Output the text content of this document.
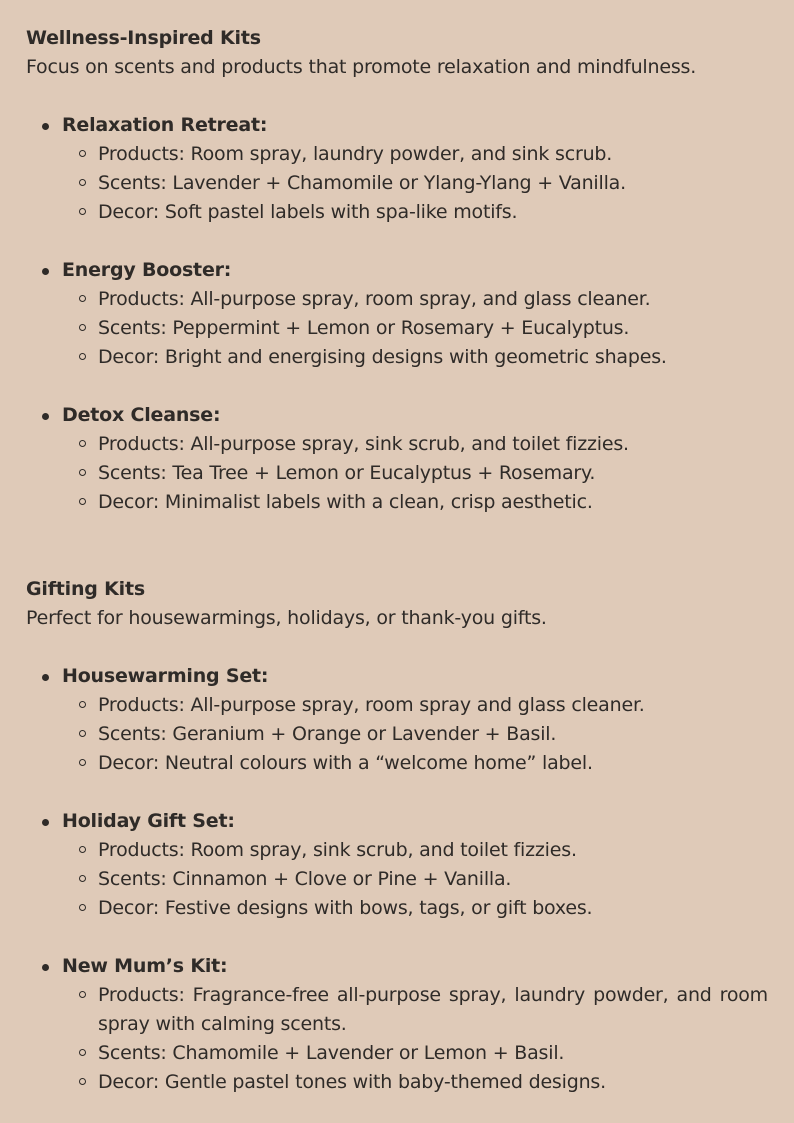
Wellness-Inspired Kits

Focus on scents and products that promote relaxation and mindfulness.

Relaxation Retreat:
Products: Room spray, laundry powder, and sink scrub.
Scents: Lavender + Chamomile or Ylang-Ylang + Vanilla.
Decor: Soft pastel labels with spa-like motifs.
Energy Booster:
Products: All-purpose spray, room spray, and glass cleaner.
Scents: Peppermint + Lemon or Rosemary + Eucalyptus.
Decor: Bright and energising designs with geometric shapes.
Detox Cleanse:
Products: All-purpose spray, sink scrub, and toilet fizzies.
Scents: Tea Tree + Lemon or Eucalyptus + Rosemary.
Decor: Minimalist labels with a clean, crisp aesthetic.

Gifting Kits

Perfect for housewarmings, holidays, or thank-you gifts.

Housewarming Set:
Products: All-purpose spray, room spray and glass cleaner.
Scents: Geranium + Orange or Lavender + Basil.
Decor: Neutral colours with a “welcome home” label.
Holiday Gift Set:
Products: Room spray, sink scrub, and toilet fizzies.
Scents: Cinnamon + Clove or Pine + Vanilla.
Decor: Festive designs with bows, tags, or gift boxes.
New Mum’s Kit:
Products: Fragrance-free all-purpose spray, laundry powder, and room spray with calming scents.
Scents: Chamomile + Lavender or Lemon + Basil.
Decor: Gentle pastel tones with baby-themed designs.
